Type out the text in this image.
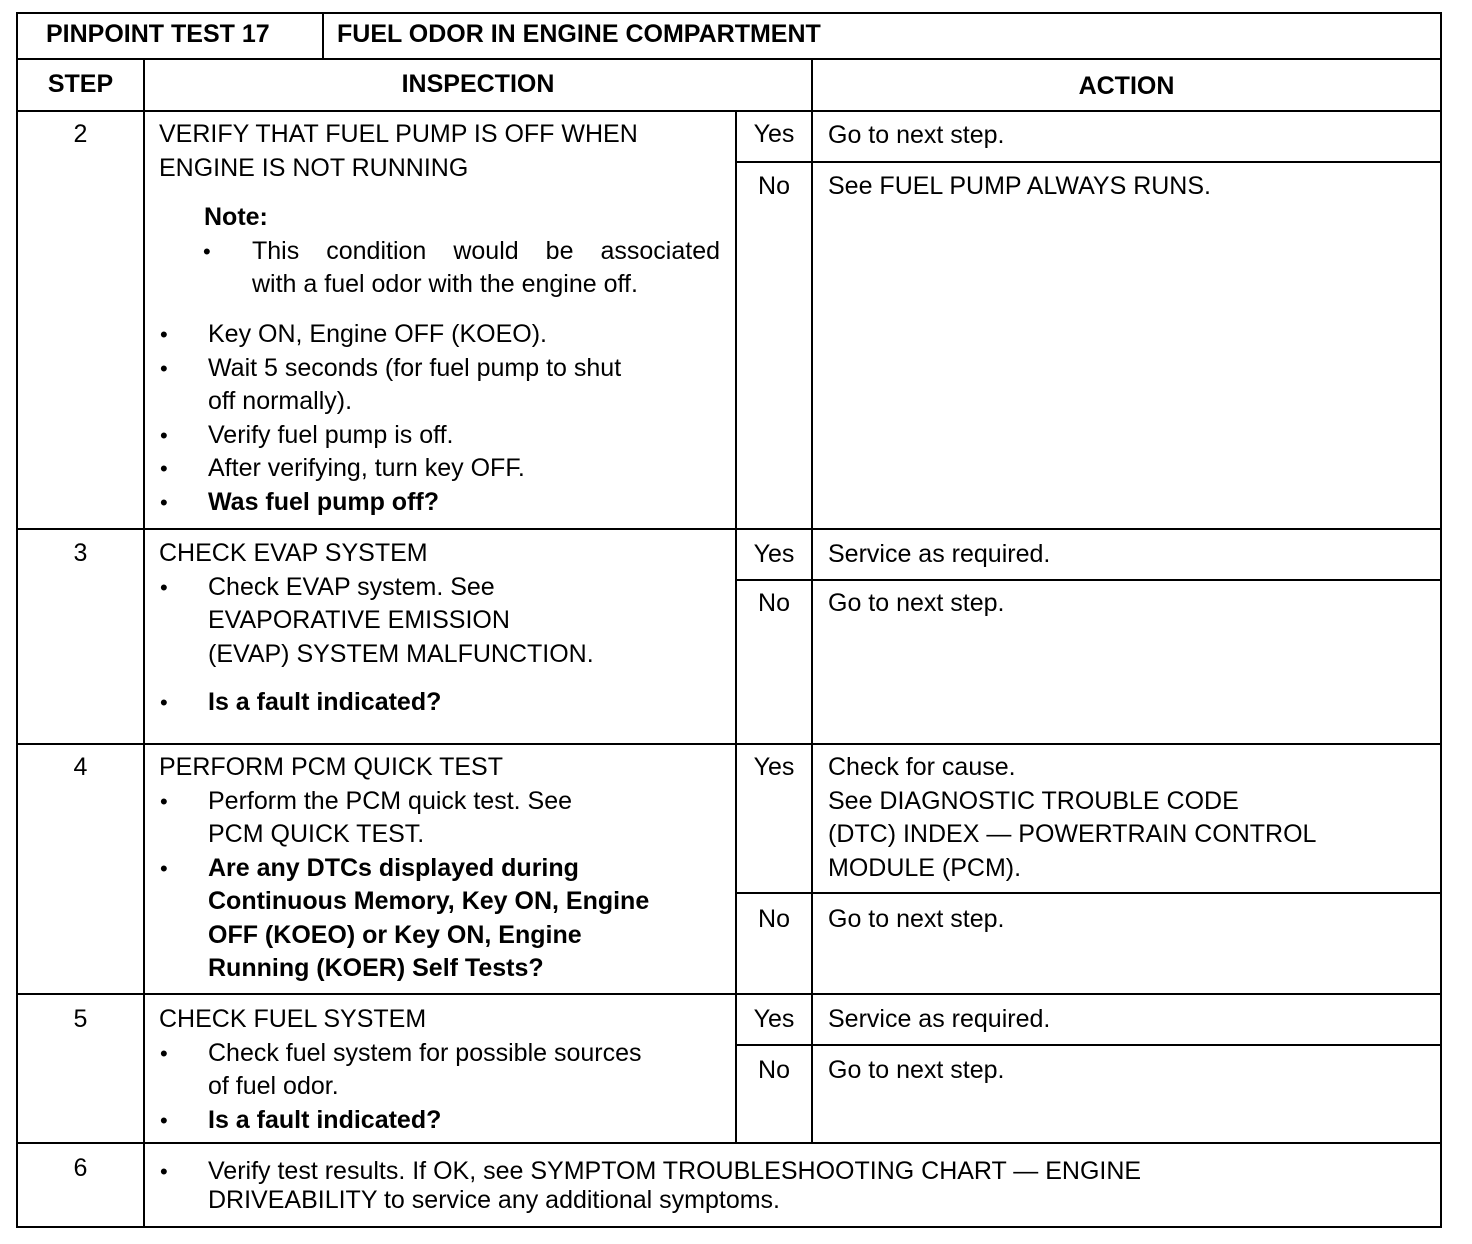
PINPOINT TEST 17	FUEL ODOR IN ENGINE COMPARTMENT
STEP	INSPECTION	ACTION
2	VERIFY THAT FUEL PUMP IS OFF WHEN
ENGINE IS NOT RUNNING
Note:
• This condition would be associated
with a fuel odor with the engine off.
• Key ON, Engine OFF (KOEO).
• Wait 5 seconds (for fuel pump to shut
off normally).
• Verify fuel pump is off.
• After verifying, turn key OFF.
• Was fuel pump off?
Yes	Go to next step.
No	See FUEL PUMP ALWAYS RUNS.
3	CHECK EVAP SYSTEM
• Check EVAP system. See
EVAPORATIVE EMISSION
(EVAP) SYSTEM MALFUNCTION.
• Is a fault indicated?
Yes	Service as required.
No	Go to next step.
4	PERFORM PCM QUICK TEST
• Perform the PCM quick test. See
PCM QUICK TEST.
• Are any DTCs displayed during
Continuous Memory, Key ON, Engine
OFF (KOEO) or Key ON, Engine
Running (KOER) Self Tests?
Yes	Check for cause.
See DIAGNOSTIC TROUBLE CODE
(DTC) INDEX — POWERTRAIN CONTROL
MODULE (PCM).
No	Go to next step.
5	CHECK FUEL SYSTEM
• Check fuel system for possible sources
of fuel odor.
• Is a fault indicated?
Yes	Service as required.
No	Go to next step.
6	• Verify test results. If OK, see SYMPTOM TROUBLESHOOTING CHART — ENGINE
DRIVEABILITY to service any additional symptoms.
